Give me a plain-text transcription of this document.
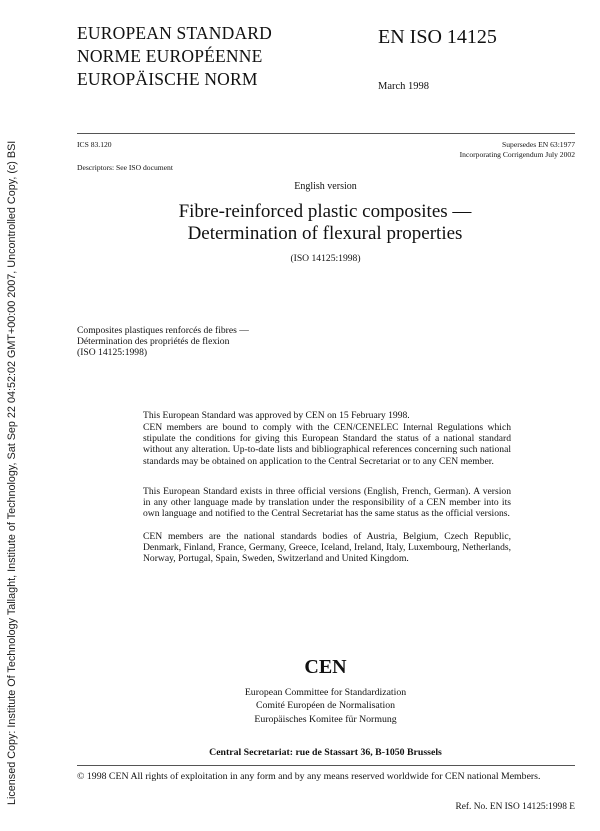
Licensed Copy: Institute Of Technology Tallaght, Institute of Technology, Sat Sep 22 04:52:02 GMT+00:00 2007, Uncontrolled Copy, (c) BSI
EUROPEAN STANDARD
NORME EUROPÉENNE
EUROPÄISCHE NORM
EN ISO 14125
March 1998
ICS 83.120	Supersedes EN 63:1977
Incorporating Corrigendum July 2002
Descriptors: See ISO document
English version
Fibre-reinforced plastic composites —
Determination of flexural properties
(ISO 14125:1998)
Composites plastiques renforcés de fibres —
Détermination des propriétés de flexion
(ISO 14125:1998)

This European Standard was approved by CEN on 15 February 1998.

CEN members are bound to comply with the CEN/CENELEC Internal Regulations which stipulate the conditions for giving this European Standard the status of a national standard without any alteration. Up-to-date lists and bibliographical references concerning such national standards may be obtained on application to the Central Secretariat or to any CEN member.

This European Standard exists in three official versions (English, French, German). A version in any other language made by translation under the responsibility of a CEN member into its own language and notified to the Central Secretariat has the same status as the official versions.

CEN members are the national standards bodies of Austria, Belgium, Czech Republic, Denmark, Finland, France, Germany, Greece, Iceland, Ireland, Italy, Luxembourg, Netherlands, Norway, Portugal, Spain, Sweden, Switzerland and United Kingdom.

CEN
European Committee for Standardization
Comité Européen de Normalisation
Europäisches Komitee für Normung
Central Secretariat: rue de Stassart 36, B-1050 Brussels
© 1998 CEN All rights of exploitation in any form and by any means reserved worldwide for CEN national Members.
Ref. No. EN ISO 14125:1998 E
